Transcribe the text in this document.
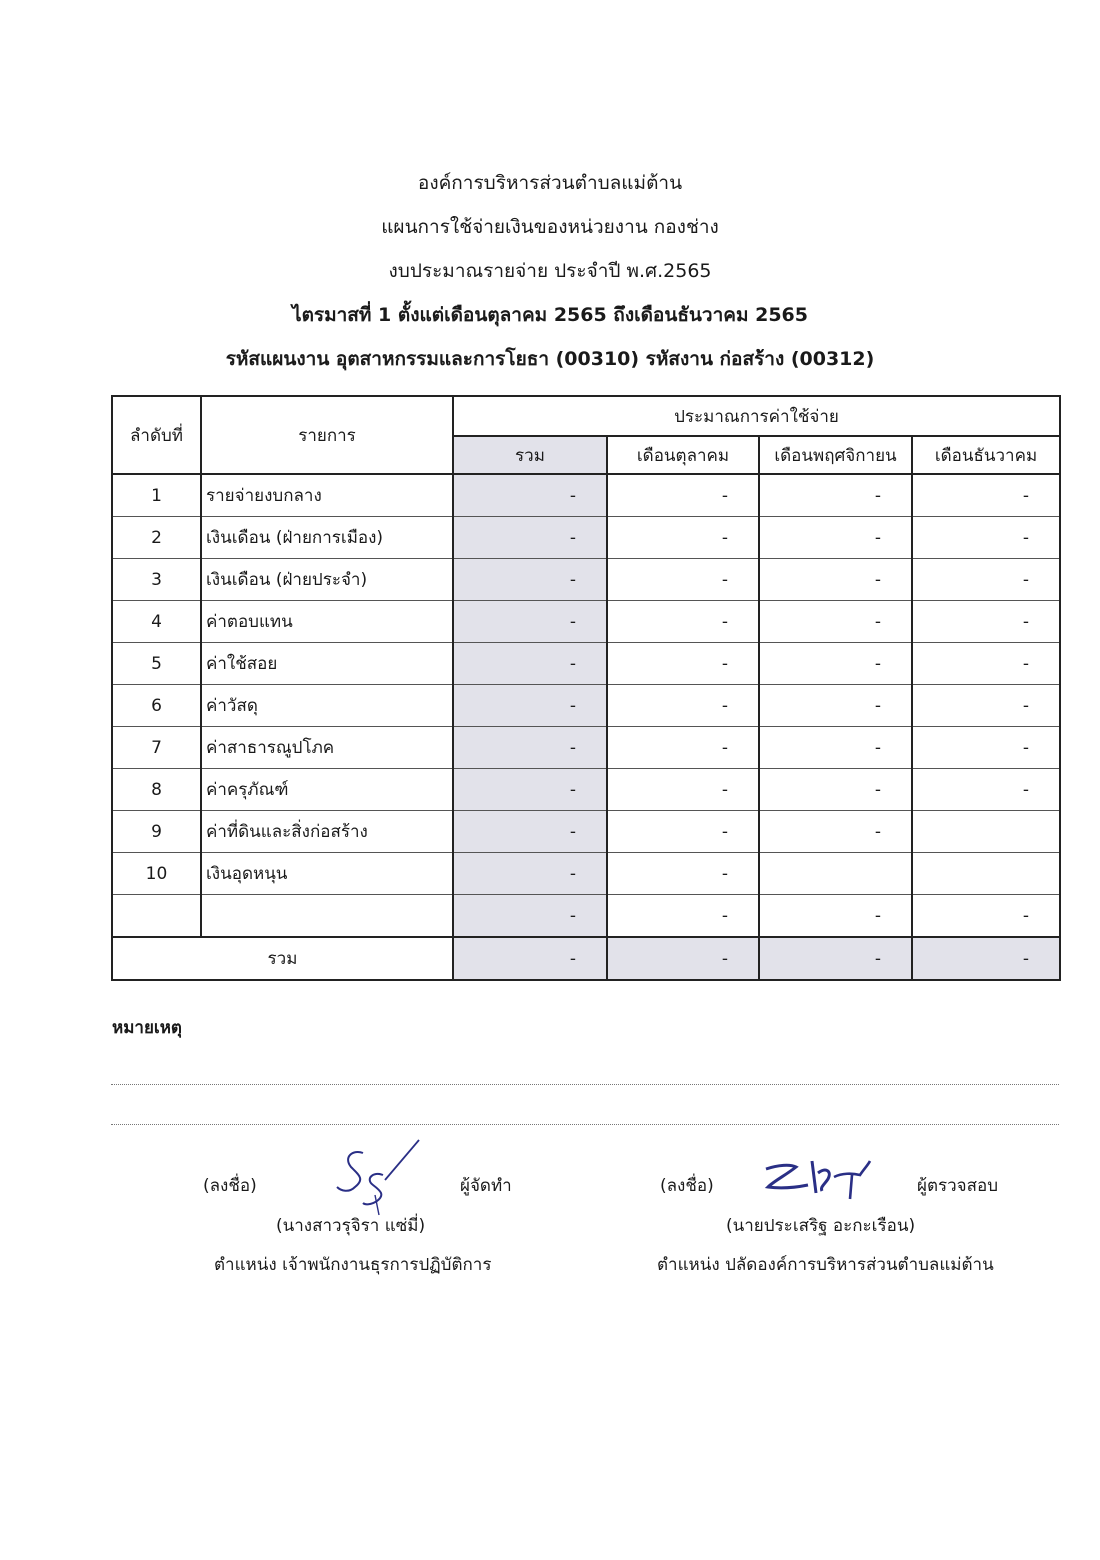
องค์การบริหารส่วนตำบลแม่ต้าน
แผนการใช้จ่ายเงินของหน่วยงาน กองช่าง
งบประมาณรายจ่าย ประจำปี พ.ศ.2565
ไตรมาสที่ 1 ตั้งแต่เดือนตุลาคม 2565 ถึงเดือนธันวาคม 2565
รหัสแผนงาน อุตสาหกรรมและการโยธา (00310) รหัสงาน ก่อสร้าง (00312)
ลำดับที่	รายการ	ประมาณการค่าใช้จ่าย			
		รวม	เดือนตุลาคม	เดือนพฤศจิกายน	เดือนธันวาคม
1	รายจ่ายงบกลาง	-	-	-	-
2	เงินเดือน (ฝ่ายการเมือง)	-	-	-	-
3	เงินเดือน (ฝ่ายประจำ)	-	-	-	-
4	ค่าตอบแทน	-	-	-	-
5	ค่าใช้สอย	-	-	-	-
6	ค่าวัสดุ	-	-	-	-
7	ค่าสาธารณูปโภค	-	-	-	-
8	ค่าครุภัณฑ์	-	-	-	-
9	ค่าที่ดินและสิ่งก่อสร้าง	-	-	-	
10	เงินอุดหนุน	-	-		
		-	-	-	-
รวม		-	-	-	-
หมายเหตุ
(ลงชื่อ)	ผู้จัดทำ
(นางสาวรุจิรา แซ่มี่)
ตำแหน่ง เจ้าพนักงานธุรการปฏิบัติการ
(ลงชื่อ)	ผู้ตรวจสอบ
(นายประเสริฐ อะกะเรือน)
ตำแหน่ง ปลัดองค์การบริหารส่วนตำบลแม่ต้าน
